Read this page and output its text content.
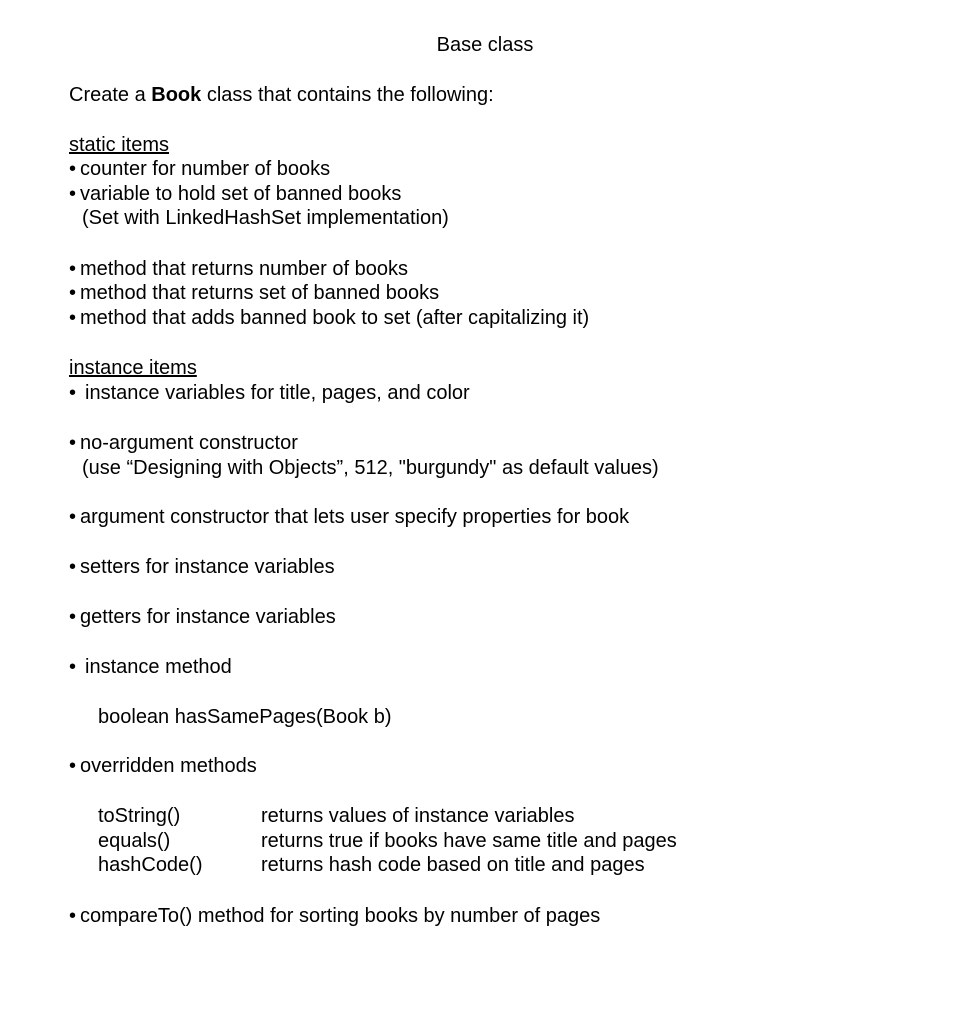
Base class
Create a Book class that contains the following:
static items
• counter for number of books
• variable to hold set of banned books
(Set with LinkedHashSet implementation)
• method that returns number of books
• method that returns set of banned books
• method that adds banned book to set (after capitalizing it)
instance items
• instance variables for title, pages, and color
• no-argument constructor
(use “Designing with Objects”, 512, "burgundy" as default values)
• argument constructor that lets user specify properties for book
• setters for instance variables
• getters for instance variables
• instance method
boolean hasSamePages(Book b)
• overridden methods
toString()	returns values of instance variables
equals()	returns true if books have same title and pages
hashCode()	returns hash code based on title and pages
• compareTo() method for sorting books by number of pages
